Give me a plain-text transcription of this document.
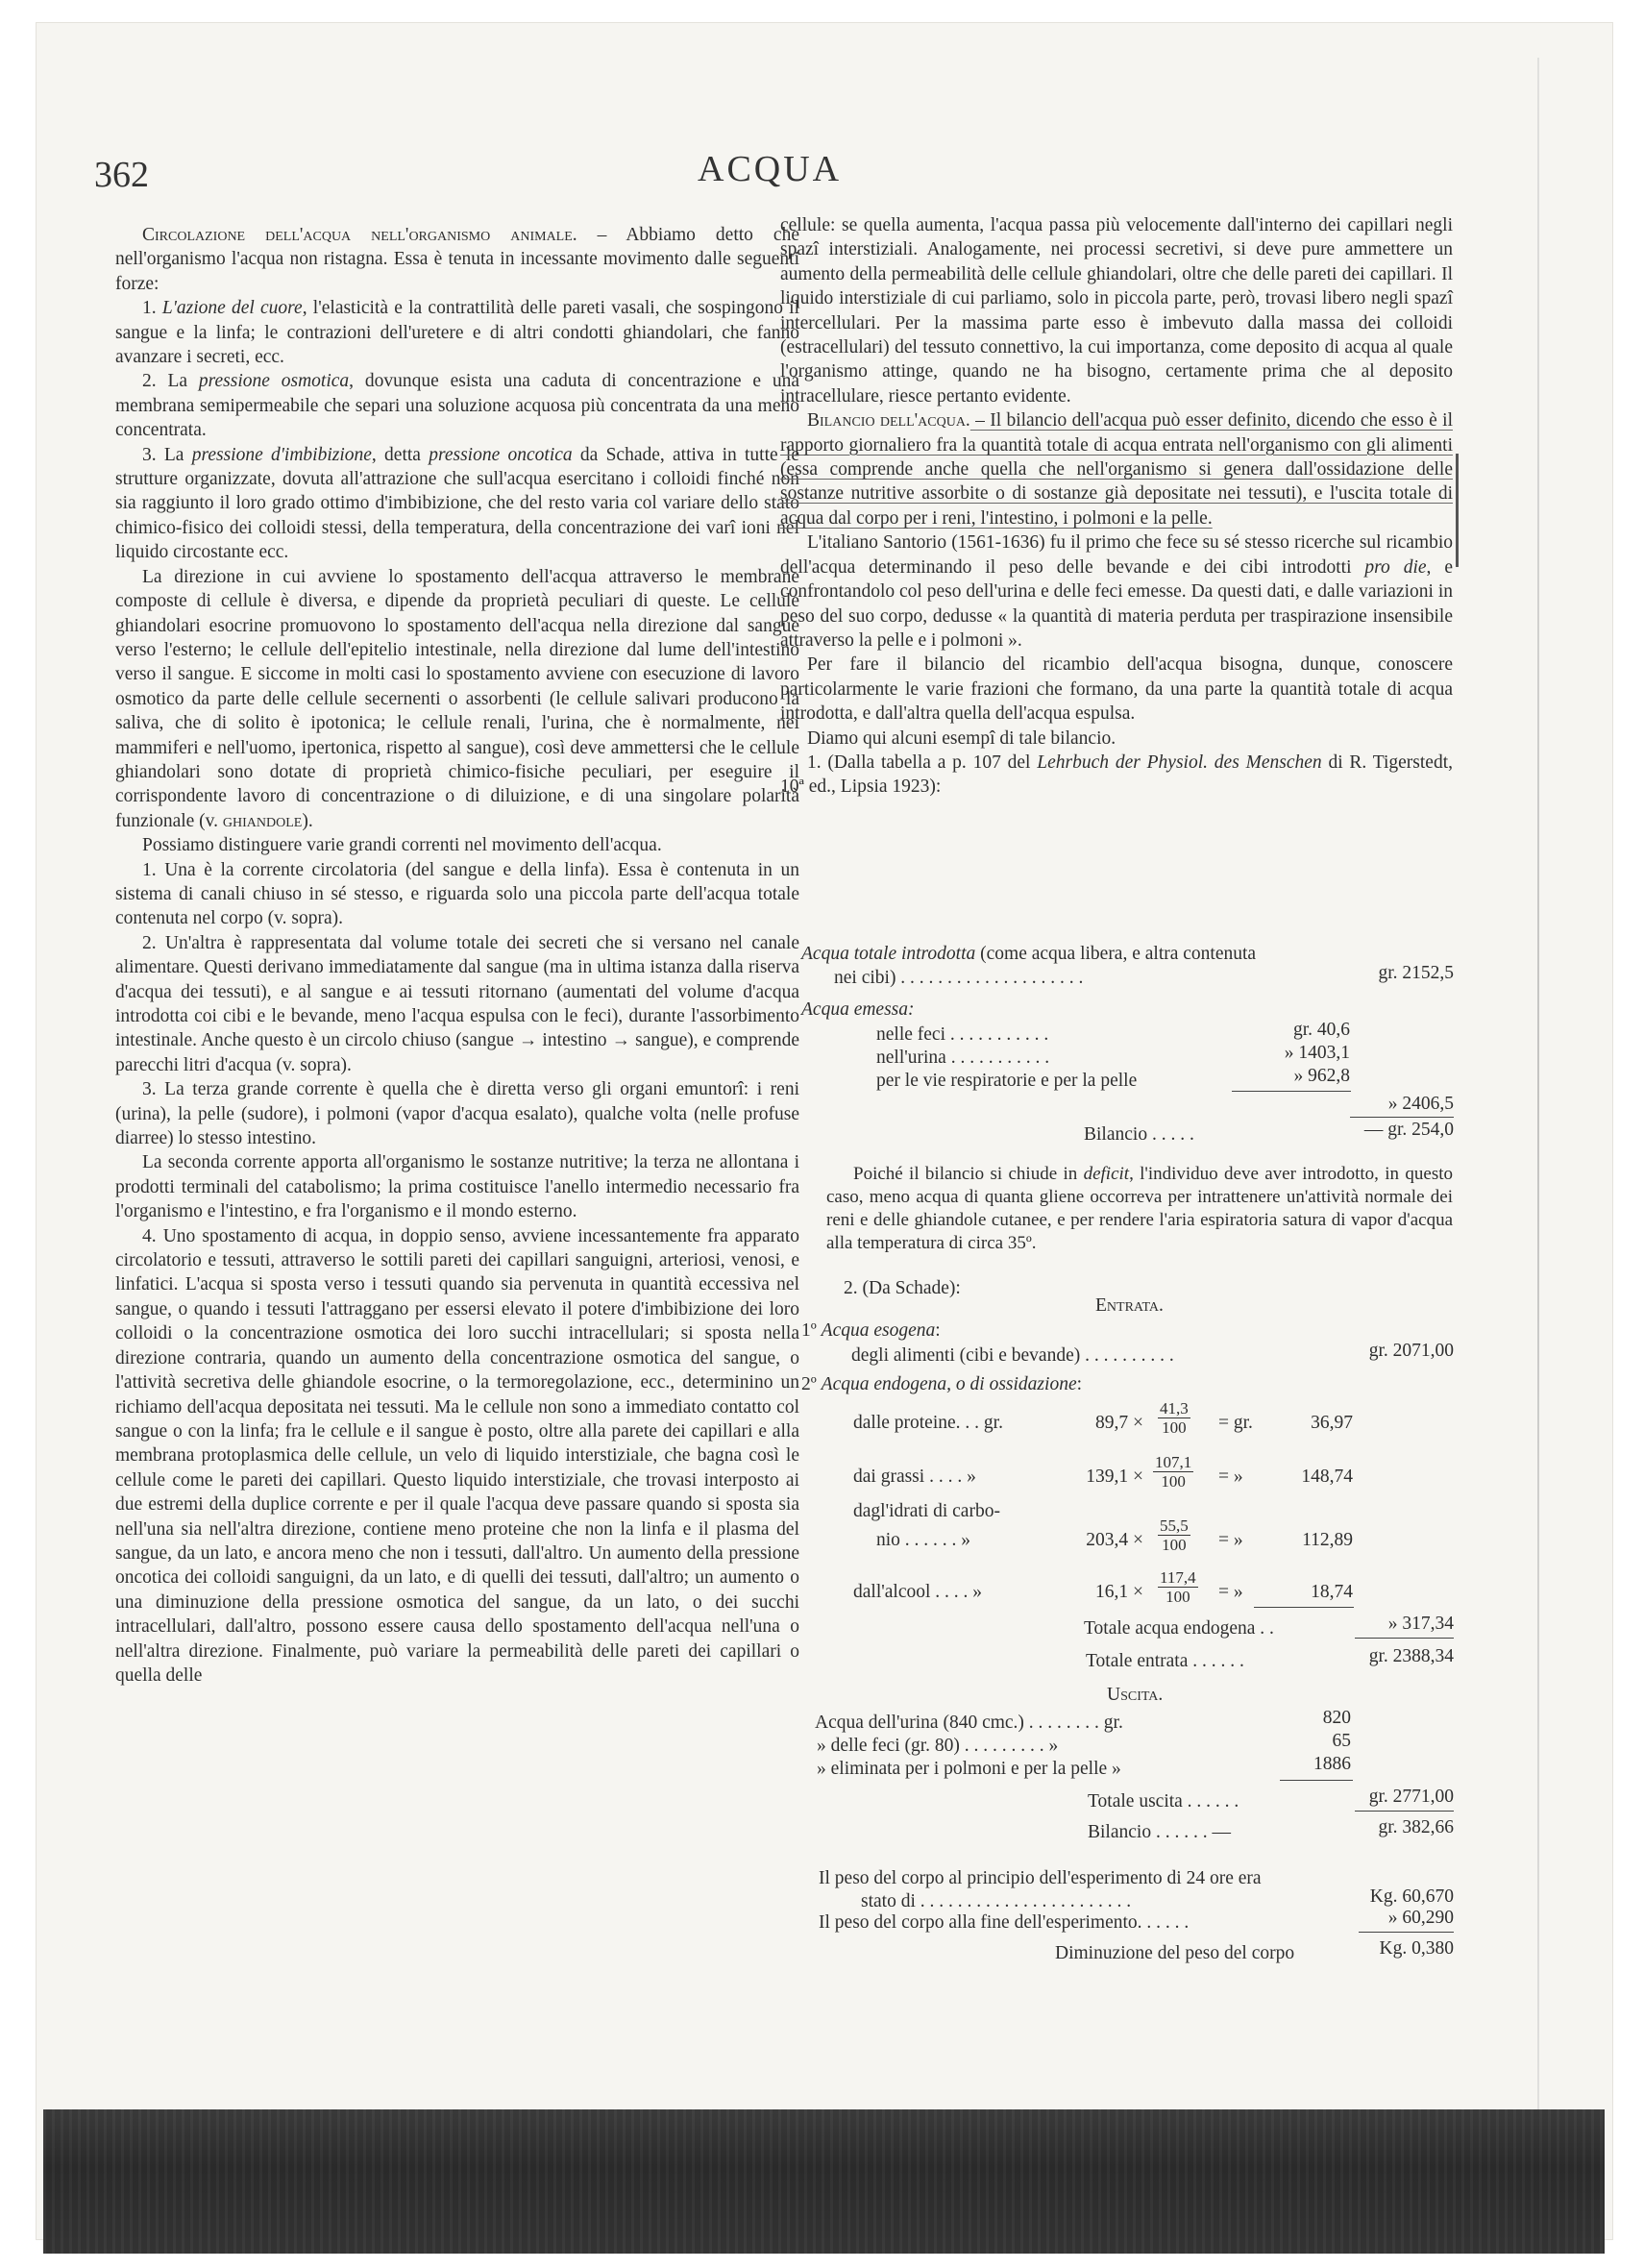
362	ACQUA

Circolazione dell'acqua nell'organismo animale. – Abbiamo detto che nell'organismo l'acqua non ristagna. Essa è tenuta in incessante movimento dalle seguenti forze:

1. L'azione del cuore, l'elasticità e la contrattilità delle pareti vasali, che sospingono il sangue e la linfa; le contrazioni dell'uretere e di altri condotti ghiandolari, che fanno avanzare i secreti, ecc.

2. La pressione osmotica, dovunque esista una caduta di concentrazione e una membrana semipermeabile che separi una soluzione acquosa più concentrata da una meno concentrata.

3. La pressione d'imbibizione, detta pressione oncotica da Schade, attiva in tutte le strutture organizzate, dovuta all'attrazione che sull'acqua esercitano i colloidi finché non sia raggiunto il loro grado ottimo d'imbibizione, che del resto varia col variare dello stato chimico-fisico dei colloidi stessi, della temperatura, della concentrazione dei varî ioni nel liquido circostante ecc.

La direzione in cui avviene lo spostamento dell'acqua attraverso le membrane composte di cellule è diversa, e dipende da proprietà peculiari di queste. Le cellule ghiandolari esocrine promuovono lo spostamento dell'acqua nella direzione dal sangue verso l'esterno; le cellule dell'epitelio intestinale, nella direzione dal lume dell'intestino verso il sangue. E siccome in molti casi lo spostamento avviene con esecuzione di lavoro osmotico da parte delle cellule secernenti o assorbenti (le cellule salivari producono la saliva, che di solito è ipotonica; le cellule renali, l'urina, che è normalmente, nei mammiferi e nell'uomo, ipertonica, rispetto al sangue), così deve ammettersi che le cellule ghiandolari sono dotate di proprietà chimico-fisiche peculiari, per eseguire il corrispondente lavoro di concentrazione o di diluizione, e di una singolare polarità funzionale (v. ghiandole).

Possiamo distinguere varie grandi correnti nel movimento dell'acqua.

1. Una è la corrente circolatoria (del sangue e della linfa). Essa è contenuta in un sistema di canali chiuso in sé stesso, e riguarda solo una piccola parte dell'acqua totale contenuta nel corpo (v. sopra).

2. Un'altra è rappresentata dal volume totale dei secreti che si versano nel canale alimentare. Questi derivano immediatamente dal sangue (ma in ultima istanza dalla riserva d'acqua dei tessuti), e al sangue e ai tessuti ritornano (aumentati del volume d'acqua introdotta coi cibi e le bevande, meno l'acqua espulsa con le feci), durante l'assorbimento intestinale. Anche questo è un circolo chiuso (sangue → intestino → sangue), e comprende parecchi litri d'acqua (v. sopra).

3. La terza grande corrente è quella che è diretta verso gli organi emuntorî: i reni (urina), la pelle (sudore), i polmoni (vapor d'acqua esalato), qualche volta (nelle profuse diarree) lo stesso intestino.

La seconda corrente apporta all'organismo le sostanze nutritive; la terza ne allontana i prodotti terminali del catabolismo; la prima costituisce l'anello intermedio necessario fra l'organismo e l'intestino, e fra l'organismo e il mondo esterno.

4. Uno spostamento di acqua, in doppio senso, avviene incessantemente fra apparato circolatorio e tessuti, attraverso le sottili pareti dei capillari sanguigni, arteriosi, venosi, e linfatici. L'acqua si sposta verso i tessuti quando sia pervenuta in quantità eccessiva nel sangue, o quando i tessuti l'attraggano per essersi elevato il potere d'imbibizione dei loro colloidi o la concentrazione osmotica dei loro succhi intracellulari; si sposta nella direzione contraria, quando un aumento della concentrazione osmotica del sangue, o l'attività secretiva delle ghiandole esocrine, o la termoregolazione, ecc., determinino un richiamo dell'acqua depositata nei tessuti. Ma le cellule non sono a immediato contatto col sangue o con la linfa; fra le cellule e il sangue è posto, oltre alla parete dei capillari e alla membrana protoplasmica delle cellule, un velo di liquido interstiziale, che bagna così le cellule come le pareti dei capillari. Questo liquido interstiziale, che trovasi interposto ai due estremi della duplice corrente e per il quale l'acqua deve passare quando si sposta sia nell'una sia nell'altra direzione, contiene meno proteine che non la linfa e il plasma del sangue, da un lato, e ancora meno che non i tessuti, dall'altro. Un aumento della pressione oncotica dei colloidi sanguigni, da un lato, e di quelli dei tessuti, dall'altro; un aumento o una diminuzione della pressione osmotica del sangue, da un lato, o dei succhi intracellulari, dall'altro, possono essere causa dello spostamento dell'acqua nell'una o nell'altra direzione. Finalmente, può variare la permeabilità delle pareti dei capillari o quella delle

cellule: se quella aumenta, l'acqua passa più velocemente dall'interno dei capillari negli spazî interstiziali. Analogamente, nei processi secretivi, si deve pure ammettere un aumento della permeabilità delle cellule ghiandolari, oltre che delle pareti dei capillari. Il liquido interstiziale di cui parliamo, solo in piccola parte, però, trovasi libero negli spazî intercellulari. Per la massima parte esso è imbevuto dalla massa dei colloidi (estracellulari) del tessuto connettivo, la cui importanza, come deposito di acqua al quale l'organismo attinge, quando ne ha bisogno, certamente prima che al deposito intracellulare, riesce pertanto evidente.

Bilancio dell'acqua. – Il bilancio dell'acqua può esser definito, dicendo che esso è il rapporto giornaliero fra la quantità totale di acqua entrata nell'organismo con gli alimenti (essa comprende anche quella che nell'organismo si genera dall'ossidazione delle sostanze nutritive assorbite o di sostanze già depositate nei tessuti), e l'uscita totale di acqua dal corpo per i reni, l'intestino, i polmoni e la pelle.

L'italiano Santorio (1561-1636) fu il primo che fece su sé stesso ricerche sul ricambio dell'acqua determinando il peso delle bevande e dei cibi introdotti pro die, e confrontandolo col peso dell'urina e delle feci emesse. Da questi dati, e dalle variazioni in peso del suo corpo, dedusse « la quantità di materia perduta per traspirazione insensibile attraverso la pelle e i polmoni ».

Per fare il bilancio del ricambio dell'acqua bisogna, dunque, conoscere particolarmente le varie frazioni che formano, da una parte la quantità totale di acqua introdotta, e dall'altra quella dell'acqua espulsa.

Diamo qui alcuni esempî di tale bilancio.

1. (Dalla tabella a p. 107 del Lehrbuch der Physiol. des Menschen di R. Tigerstedt, 10ª ed., Lipsia 1923):

Acqua totale introdotta (come acqua libera, e altra contenuta
nei cibi) . . . . . . . . . . . . . . . . . . . .	gr. 2152,5
Acqua emessa:
nelle feci . . . . . . . . . . .	gr. 40,6
nell'urina . . . . . . . . . . .	» 1403,1
per le vie respiratorie e per la pelle	» 962,8
» 2406,5
Bilancio . . . . .	— gr. 254,0

Poiché il bilancio si chiude in deficit, l'individuo deve aver introdotto, in questo caso, meno acqua di quanta gliene occorreva per intrattenere un'attività normale dei reni e delle ghiandole cutanee, e per rendere l'aria espiratoria satura di vapor d'acqua alla temperatura di circa 35º.

2. (Da Schade):
Entrata.
1º Acqua esogena:
degli alimenti (cibi e bevande) . . . . . . . . . .	gr. 2071,00
2º Acqua endogena, o di ossidazione:
dalle proteine. . . gr.	$89,7 \times \frac{41,3}{100}$ = gr.	36,97
dai grassi . . . . »	$139,1 \times \frac{107,1}{100}$ = »	148,74
dagl'idrati di carbo-
nio . . . . . . »	$203,4 \times \frac{55,5}{100}$ = »	112,89
dall'alcool . . . . »	$16,1 \times \frac{117,4}{100}$ = »	18,74
Totale acqua endogena . .	» 317,34
Totale entrata . . . . . .	gr. 2388,34
Uscita.
Acqua dell'urina (840 cmc.) . . . . . . . . gr.	820
» delle feci (gr. 80) . . . . . . . . . »	65
» eliminata per i polmoni e per la pelle »	1886
Totale uscita . . . . . .	gr. 2771,00
Bilancio . . . . . . —	gr. 382,66
Il peso del corpo al principio dell'esperimento di 24 ore era
stato di . . . . . . . . . . . . . . . . . . . . . . .	Kg. 60,670
Il peso del corpo alla fine dell'esperimento. . . . . .	» 60,290
Diminuzione del peso del corpo	Kg. 0,380
